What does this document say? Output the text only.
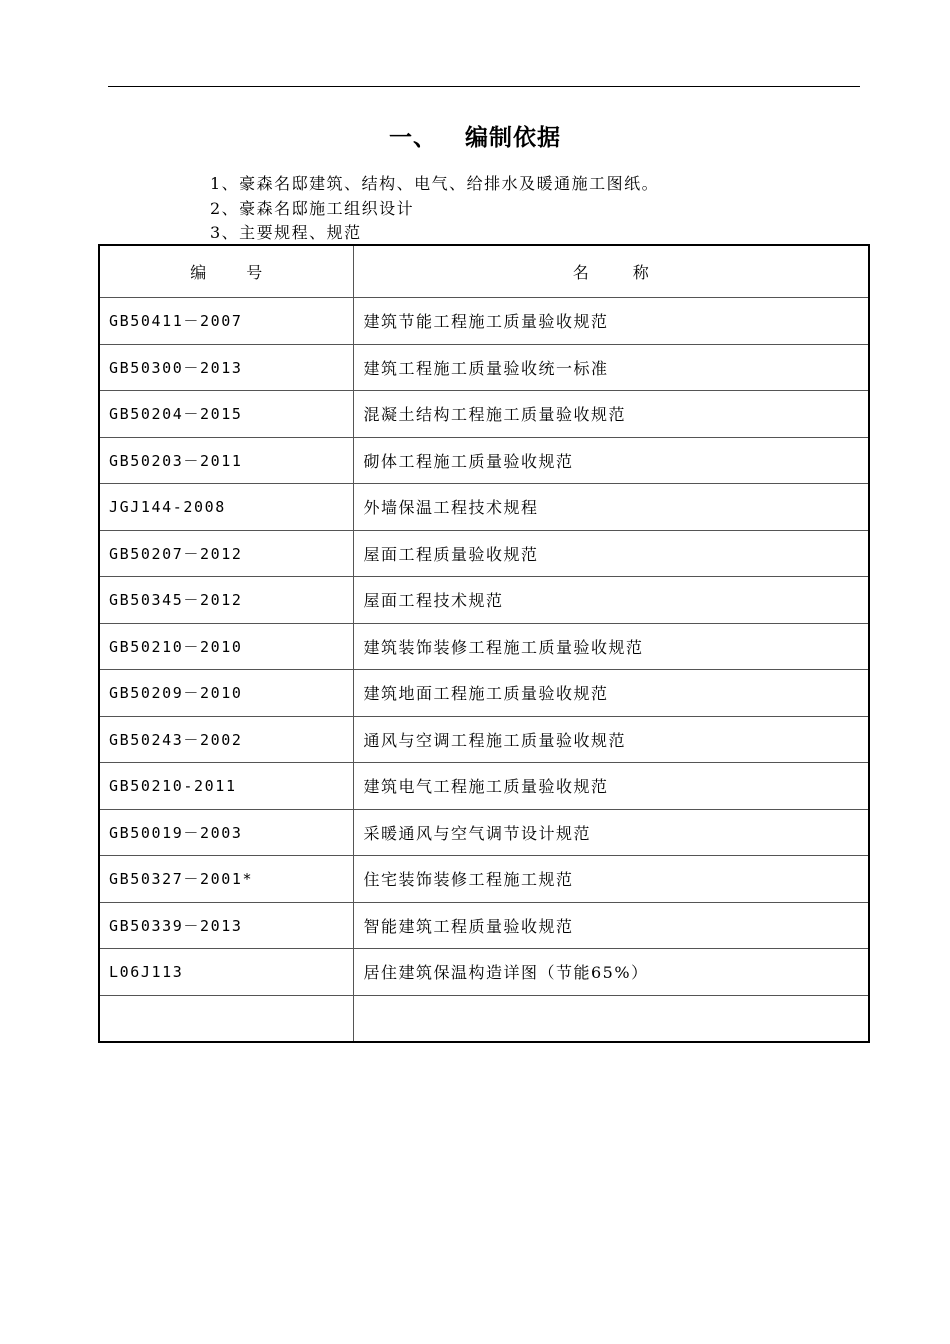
一、 编制依据
1、豪森名邸建筑、结构、电气、给排水及暖通施工图纸。
2、豪森名邸施工组织设计
3、主要规程、规范
编号	名称
GB50411－2007	建筑节能工程施工质量验收规范
GB50300－2013	建筑工程施工质量验收统一标准
GB50204－2015	混凝土结构工程施工质量验收规范
GB50203－2011	砌体工程施工质量验收规范
JGJ144-2008	外墙保温工程技术规程
GB50207－2012	屋面工程质量验收规范
GB50345－2012	屋面工程技术规范
GB50210－2010	建筑装饰装修工程施工质量验收规范
GB50209－2010	建筑地面工程施工质量验收规范
GB50243－2002	通风与空调工程施工质量验收规范
GB50210-2011	建筑电气工程施工质量验收规范
GB50019－2003	采暖通风与空气调节设计规范
GB50327－2001*	住宅装饰装修工程施工规范
GB50339－2013	智能建筑工程质量验收规范
L06J113	居住建筑保温构造详图（节能65%）
